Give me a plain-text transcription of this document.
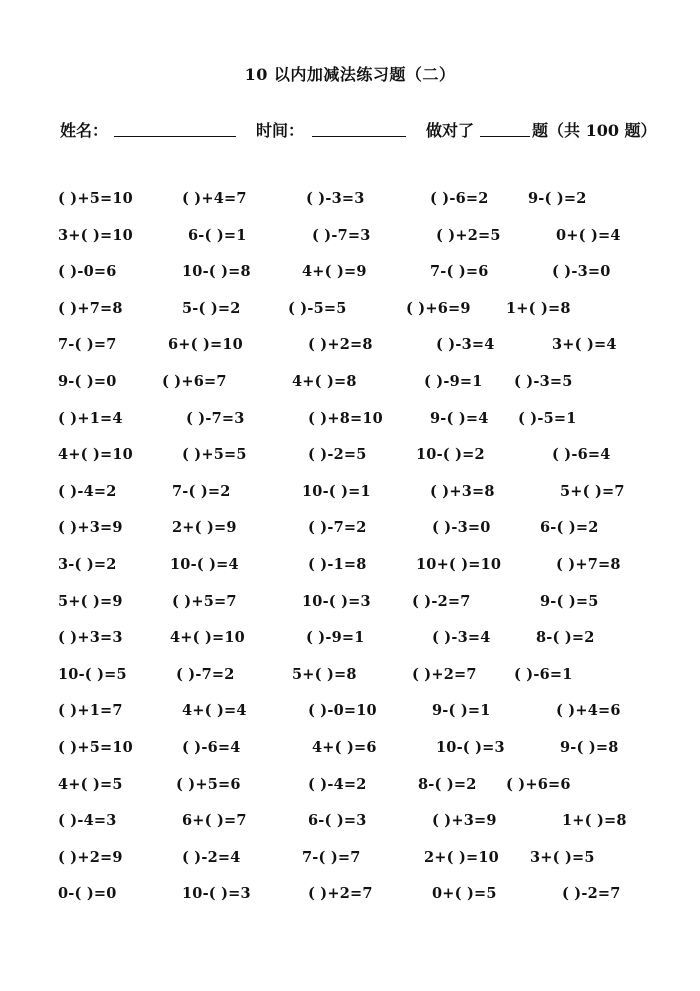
10 以内加减法练习题（二）
姓名：	时间：	做对了	题（共 100 题）
( )+5=10	( )+4=7	( )-3=3	( )-6=2	9-( )=2
3+( )=10	6-( )=1	( )-7=3	( )+2=5	0+( )=4
( )-0=6	10-( )=8	4+( )=9	7-( )=6	( )-3=0
( )+7=8	5-( )=2	( )-5=5	( )+6=9 1+( )=8
7-( )=7	6+( )=10	( )+2=8	( )-3=4	3+( )=4
9-( )=0	( )+6=7	4+( )=8	( )-9=1 ( )-3=5
( )+1=4	( )-7=3	( )+8=10	9-( )=4 ( )-5=1
4+( )=10	( )+5=5	( )-2=5	10-( )=2	( )-6=4
( )-4=2	7-( )=2	10-( )=1	( )+3=8	5+( )=7
( )+3=9	2+( )=9	( )-7=2	( )-3=0	6-( )=2
3-( )=2	10-( )=4	( )-1=8	10+( )=10	( )+7=8
5+( )=9	( )+5=7	10-( )=3	( )-2=7	9-( )=5
( )+3=3	4+( )=10	( )-9=1	( )-3=4	8-( )=2
10-( )=5	( )-7=2	5+( )=8	( )+2=7	( )-6=1
( )+1=7	4+( )=4	( )-0=10	9-( )=1	( )+4=6
( )+5=10	( )-6=4	4+( )=6	10-( )=3	9-( )=8
4+( )=5	( )+5=6	( )-4=2	8-( )=2 ( )+6=6
( )-4=3	6+( )=7	6-( )=3	( )+3=9	1+( )=8
( )+2=9	( )-2=4	7-( )=7	2+( )=10 3+( )=5
0-( )=0	10-( )=3	( )+2=7	0+( )=5	( )-2=7
